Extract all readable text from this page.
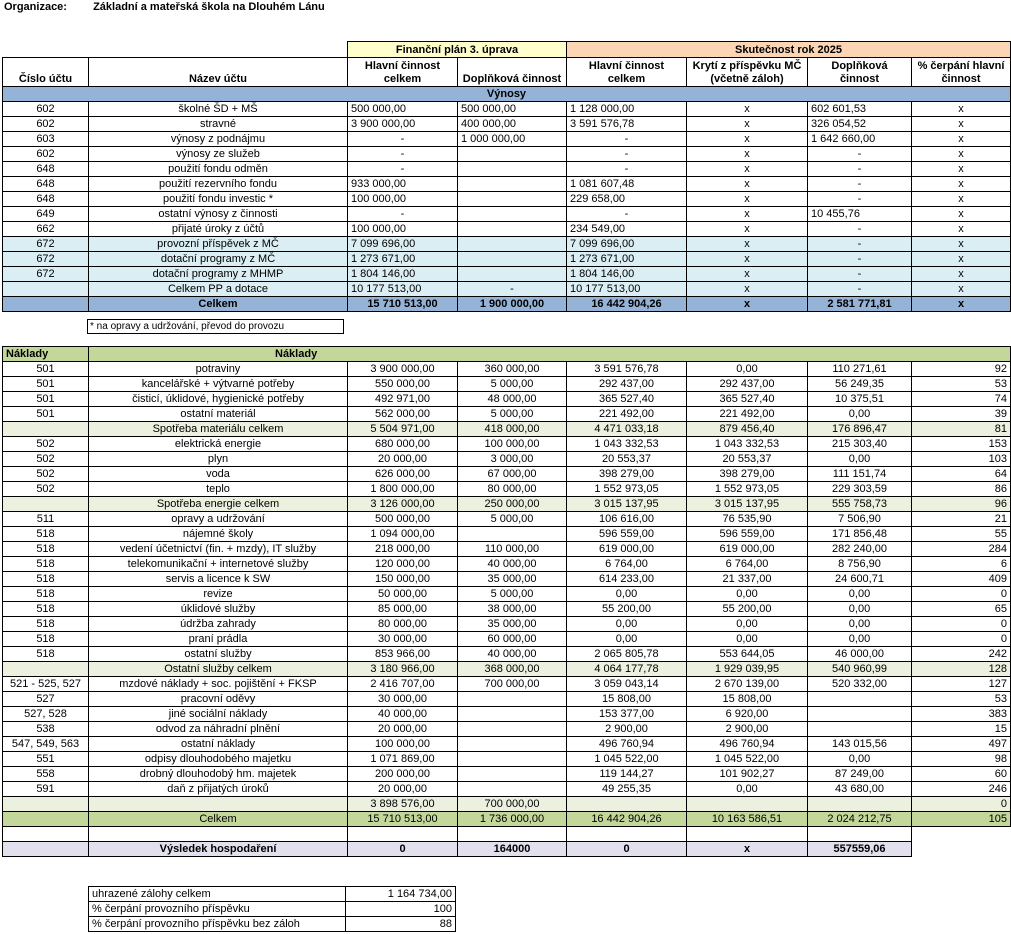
Organizace: Základní a mateřská škola na Dlouhém Lánu
		Finanční plán 3. úprava		Skutečnost rok 2025			
Číslo účtu	Název účtu	Hlavní činnost celkem	Doplňková činnost	Hlavní činnost celkem	Krytí z příspěvku MČ (včetně záloh)	Doplňková činnost	% čerpání hlavní činnost
Výnosy							
602	školné ŠD + MŠ	500 000,00	500 000,00	1 128 000,00	x	602 601,53	x
602	stravné	3 900 000,00	400 000,00	3 591 576,78	x	326 054,52	x
603	výnosy z podnájmu	-	1 000 000,00	-	x	1 642 660,00	x
602	výnosy ze služeb	-		-	x	-	x
648	použití fondu odměn	-		-	x	-	x
648	použití rezervního fondu	933 000,00		1 081 607,48	x	-	x
648	použití fondu investic *	100 000,00		229 658,00	x	-	x
649	ostatní výnosy z činnosti	-		-	x	10 455,76	x
662	přijaté úroky z účtů	100 000,00		234 549,00	x	-	x
672	provozní příspěvek z MČ	7 099 696,00		7 099 696,00	x	-	x
672	dotační programy z MČ	1 273 671,00		1 273 671,00	x	-	x
672	dotační programy z MHMP	1 804 146,00		1 804 146,00	x	-	x
	Celkem PP a dotace	10 177 513,00	-	10 177 513,00	x	-	x
	Celkem	15 710 513,00	1 900 000,00	16 442 904,26	x	2 581 771,81	x
* na opravy a udržování, převod do provozu
Náklady	Náklady						
501	potraviny	3 900 000,00	360 000,00	3 591 576,78	0,00	110 271,61	92
501	kancelářské + výtvarné potřeby	550 000,00	5 000,00	292 437,00	292 437,00	56 249,35	53
501	čisticí, úklidové, hygienické potřeby	492 971,00	48 000,00	365 527,40	365 527,40	10 375,51	74
501	ostatní materiál	562 000,00	5 000,00	221 492,00	221 492,00	0,00	39
	Spotřeba materiálu celkem	5 504 971,00	418 000,00	4 471 033,18	879 456,40	176 896,47	81
502	elektrická energie	680 000,00	100 000,00	1 043 332,53	1 043 332,53	215 303,40	153
502	plyn	20 000,00	3 000,00	20 553,37	20 553,37	0,00	103
502	voda	626 000,00	67 000,00	398 279,00	398 279,00	111 151,74	64
502	teplo	1 800 000,00	80 000,00	1 552 973,05	1 552 973,05	229 303,59	86
	Spotřeba energie celkem	3 126 000,00	250 000,00	3 015 137,95	3 015 137,95	555 758,73	96
511	opravy a udržování	500 000,00	5 000,00	106 616,00	76 535,90	7 506,90	21
518	nájemné školy	1 094 000,00		596 559,00	596 559,00	171 856,48	55
518	vedení účetnictví (fin. + mzdy), IT služby	218 000,00	110 000,00	619 000,00	619 000,00	282 240,00	284
518	telekomunikační + internetové služby	120 000,00	40 000,00	6 764,00	6 764,00	8 756,90	6
518	servis a licence k SW	150 000,00	35 000,00	614 233,00	21 337,00	24 600,71	409
518	revize	50 000,00	5 000,00	0,00	0,00	0,00	0
518	úklidové služby	85 000,00	38 000,00	55 200,00	55 200,00	0,00	65
518	údržba zahrady	80 000,00	35 000,00	0,00	0,00	0,00	0
518	praní prádla	30 000,00	60 000,00	0,00	0,00	0,00	0
518	ostatní služby	853 966,00	40 000,00	2 065 805,78	553 644,05	46 000,00	242
	Ostatní služby celkem	3 180 966,00	368 000,00	4 064 177,78	1 929 039,95	540 960,99	128
521 - 525, 527	mzdové náklady + soc. pojištění + FKSP	2 416 707,00	700 000,00	3 059 043,14	2 670 139,00	520 332,00	127
527	pracovní oděvy	30 000,00		15 808,00	15 808,00		53
527, 528	jiné sociální náklady	40 000,00		153 377,00	6 920,00		383
538	odvod za náhradní plnění	20 000,00		2 900,00	2 900,00		15
547, 549, 563	ostatní náklady	100 000,00		496 760,94	496 760,94	143 015,56	497
551	odpisy dlouhodobého majetku	1 071 869,00		1 045 522,00	1 045 522,00	0,00	98
558	drobný dlouhodobý hm. majetek	200 000,00		119 144,27	101 902,27	87 249,00	60
591	daň z přijatých úroků	20 000,00		49 255,35	0,00	43 680,00	246
		3 898 576,00	700 000,00				0
	Celkem	15 710 513,00	1 736 000,00	16 442 904,26	10 163 586,51	2 024 212,75	105

	Výsledek hospodaření	0	164000	0	x	557559,06	
uhrazené zálohy celkem	1 164 734,00
% čerpání provozního příspěvku	100
% čerpání provozního příspěvku bez záloh	88
